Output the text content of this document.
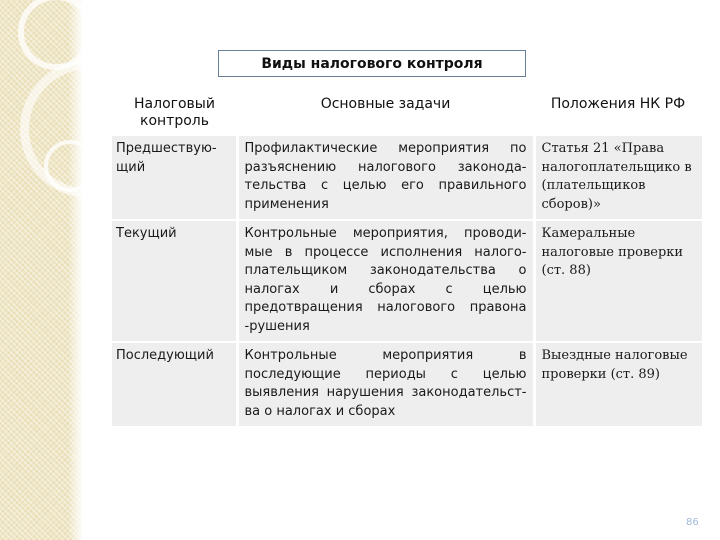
Виды налогового контроля
Налоговый контроль	Основные задачи	Положения НК РФ
Предшествую-щий	Профилактические мероприятия по разъяснению налогового законода-тельства с целью его правильного применения	Статья 21 «Права налогоплательщико в (плательщиков сборов)»
Текущий	Контрольные мероприятия, проводи-мые в процессе исполнения налого-плательщиком законодательства о налогах и сборах с целью предотвращения налогового правона -рушения	Камеральные налоговые проверки (ст. 88)
Последующий	Контрольные мероприятия в последующие периоды с целью выявления нарушения законодательст-ва о налогах и сборах	Выездные налоговые проверки (ст. 89)
86
